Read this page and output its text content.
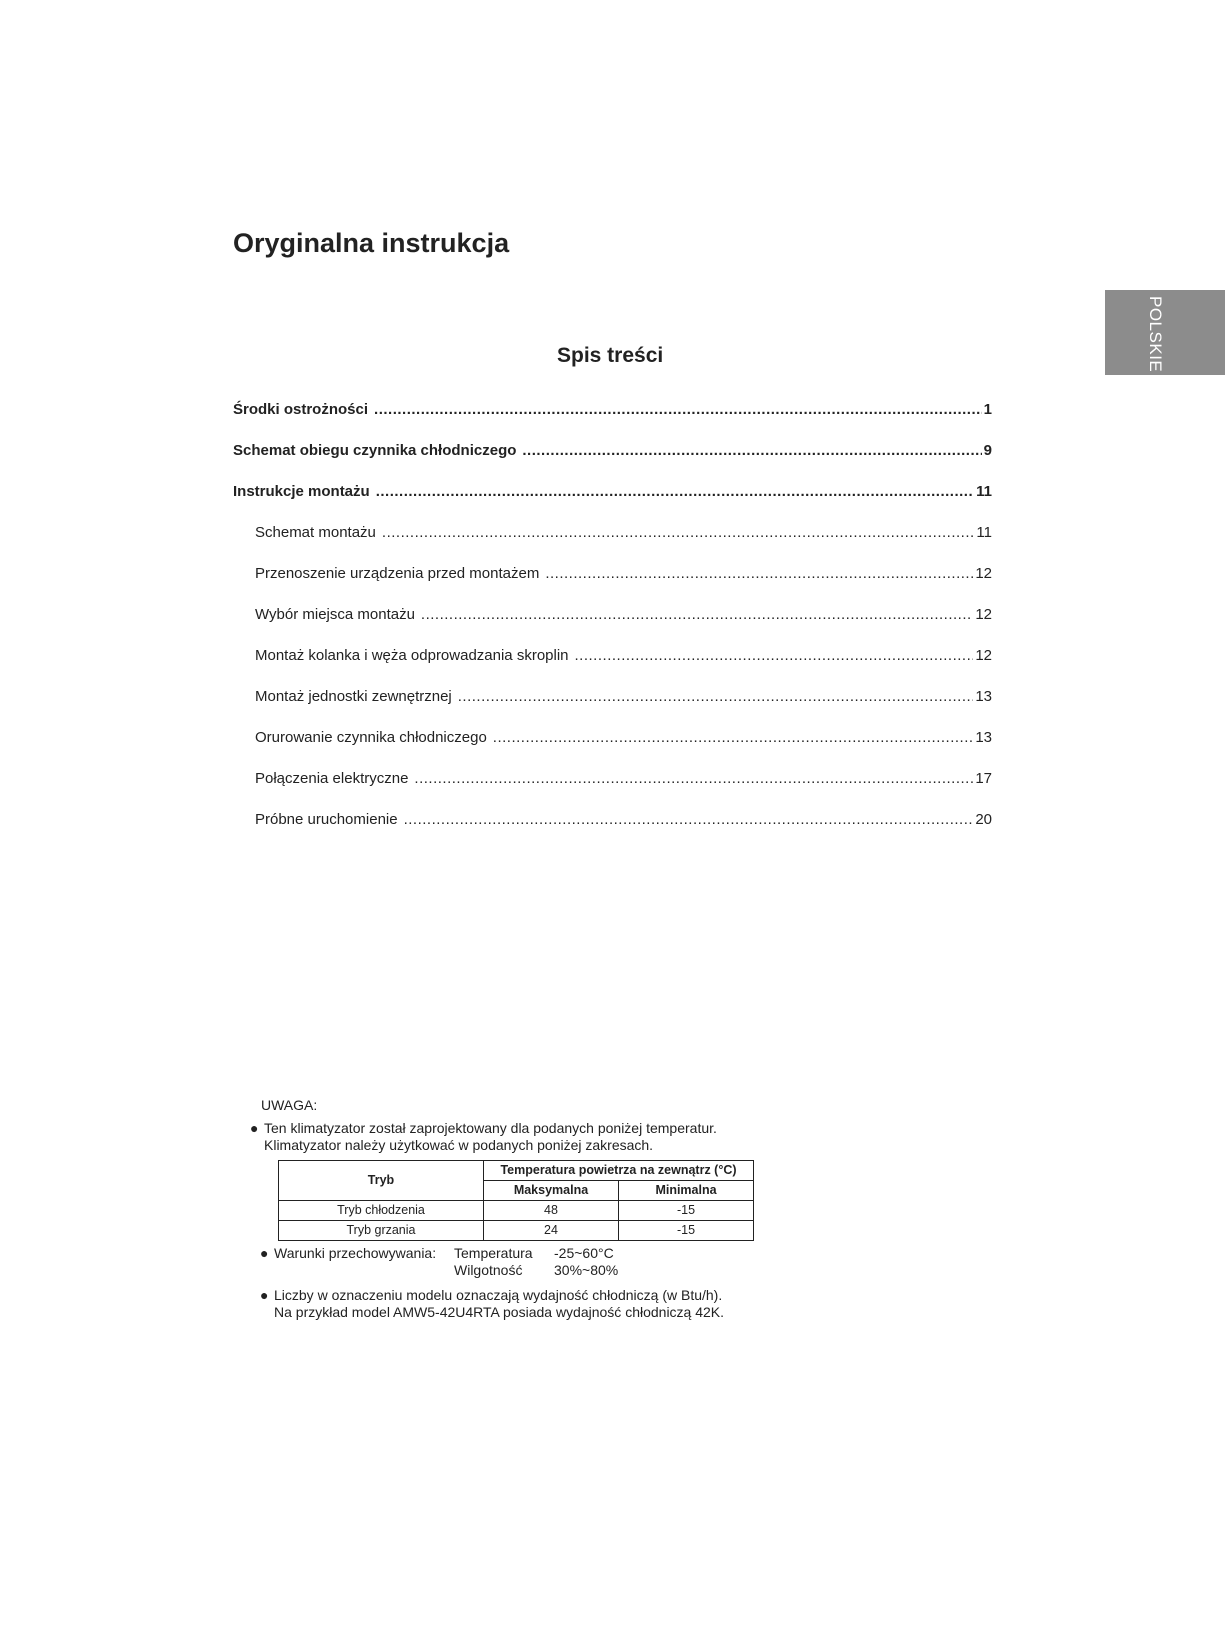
Oryginalna instrukcja
POLSKIE
Spis treści
Środki ostrożności .....	1
Schemat obiegu czynnika chłodniczego .....	9
Instrukcje montażu .....	11
Schemat montażu .....	11
Przenoszenie urządzenia przed montażem .....	12
Wybór miejsca montażu .....	12
Montaż kolanka i węża odprowadzania skroplin .....	12
Montaż jednostki zewnętrznej .....	13
Orurowanie czynnika chłodniczego .....	13
Połączenia elektryczne .....	17
Próbne uruchomienie .....	20
UWAGA:
● Ten klimatyzator został zaprojektowany dla podanych poniżej temperatur.
Klimatyzator należy użytkować w podanych poniżej zakresach.
Tryb	Temperatura powietrza na zewnątrz (°C)	
	Maksymalna	Minimalna
Tryb chłodzenia	48	-15
Tryb grzania	24	-15
● Warunki przechowywania:	Temperatura	-25~60°C
Wilgotność	30%~80%
● Liczby w oznaczeniu modelu oznaczają wydajność chłodniczą (w Btu/h).
Na przykład model AMW5-42U4RTA posiada wydajność chłodniczą 42K.
